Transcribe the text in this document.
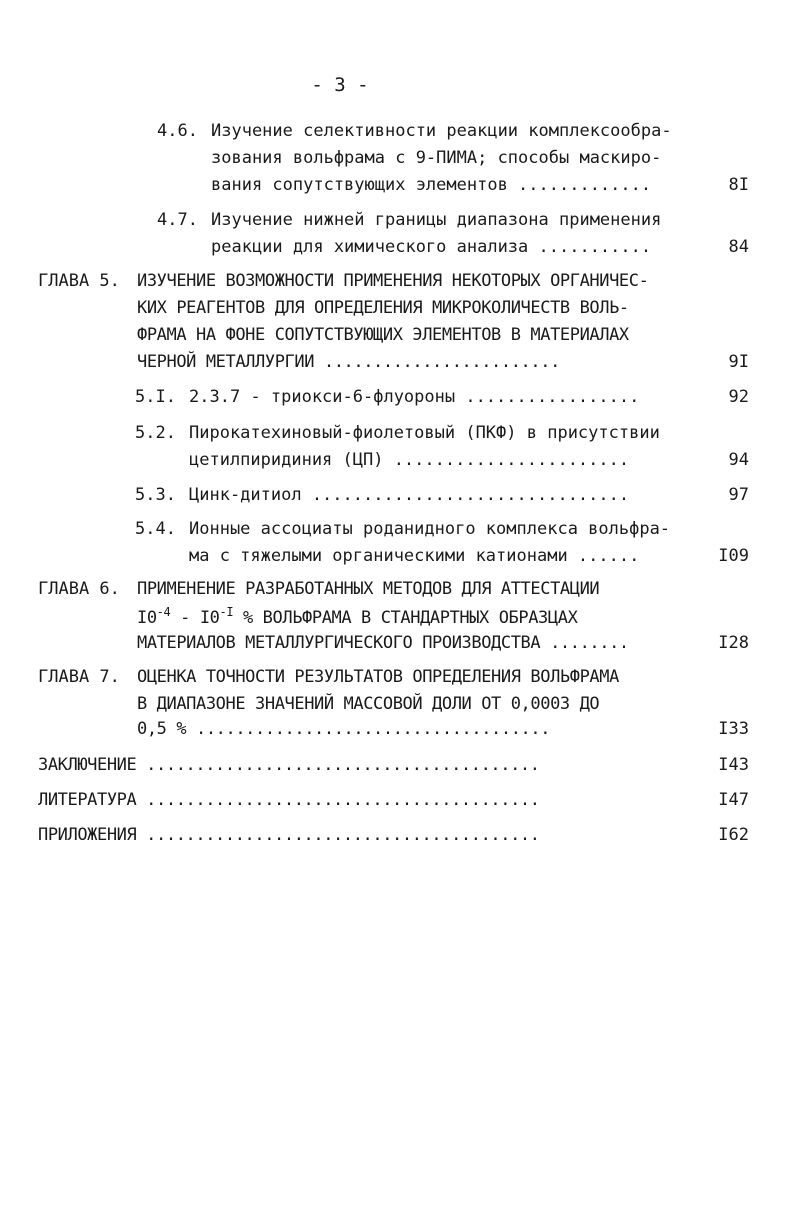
- 3 -
4.6. Изучение селективности реакции комплексообра-
зования вольфрама с 9-ПИМА; способы маскиро-
вания сопутствующих элементов .............	8I
4.7. Изучение нижней границы диапазона применения
реакции для химического анализа ...........	84
ГЛАВА 5. ИЗУЧЕНИЕ ВОЗМОЖНОСТИ ПРИМЕНЕНИЯ НЕКОТОРЫХ ОРГАНИЧЕС-
КИХ РЕАГЕНТОВ ДЛЯ ОПРЕДЕЛЕНИЯ МИКРОКОЛИЧЕСТВ ВОЛЬ-
ФРАМА НА ФОНЕ СОПУТСТВУЮЩИХ ЭЛЕМЕНТОВ В МАТЕРИАЛАХ
ЧЕРНОЙ МЕТАЛЛУРГИИ ........................	9I
5.I. 2.3.7 - триокси-6-флуороны .................	92
5.2. Пирокатехиновый-фиолетовый (ПКФ) в присутствии
цетилпиридиния (ЦП) .......................	94
5.3. Цинк-дитиол ...............................	97
5.4. Ионные ассоциаты роданидного комплекса вольфра-
ма с тяжелыми органическими катионами ......	I09
ГЛАВА 6. ПРИМЕНЕНИЕ РАЗРАБОТАННЫХ МЕТОДОВ ДЛЯ АТТЕСТАЦИИ
$I0^{-4} - I0^{-I}$ % ВОЛЬФРАМА В СТАНДАРТНЫХ ОБРАЗЦАХ
МАТЕРИАЛОВ МЕТАЛЛУРГИЧЕСКОГО ПРОИЗВОДСТВА ........	I28
ГЛАВА 7. ОЦЕНКА ТОЧНОСТИ РЕЗУЛЬТАТОВ ОПРЕДЕЛЕНИЯ ВОЛЬФРАМА
В ДИАПАЗОНЕ ЗНАЧЕНИЙ МАССОВОЙ ДОЛИ ОТ 0,0003 ДО
0,5 % ....................................	I33
ЗАКЛЮЧЕНИЕ ........................................	I43
ЛИТЕРАТУРА ........................................	I47
ПРИЛОЖЕНИЯ ........................................	I62
